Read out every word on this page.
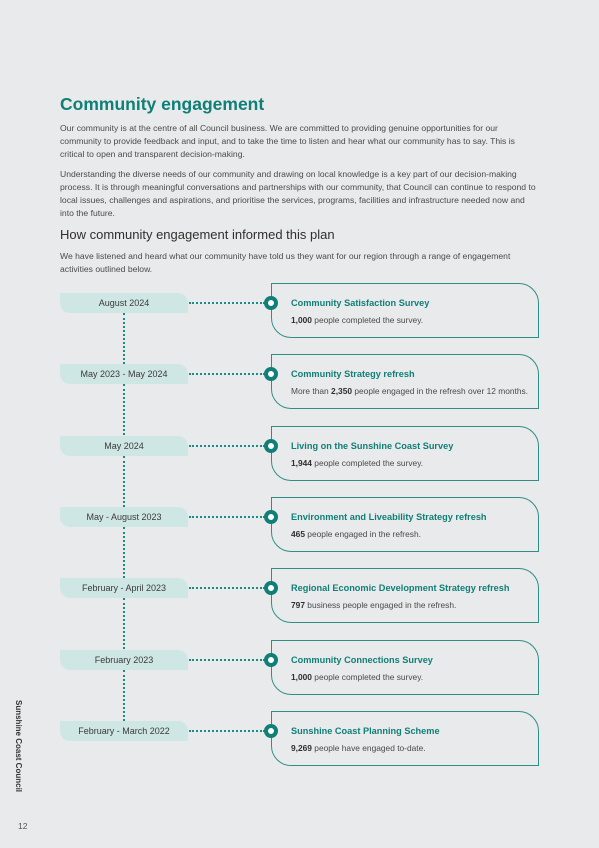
Community engagement

Our community is at the centre of all Council business. We are committed to providing genuine opportunities for our community to provide feedback and input, and to take the time to listen and hear what our community has to say. This is critical to open and transparent decision-making.

Understanding the diverse needs of our community and drawing on local knowledge is a key part of our decision-making process. It is through meaningful conversations and partnerships with our community, that Council can continue to respond to local issues, challenges and aspirations, and prioritise the services, programs, facilities and infrastructure needed now and into the future.

How community engagement informed this plan

We have listened and heard what our community have told us they want for our region through a range of engagement activities outlined below.

August 2024	Community Satisfaction Survey
1,000 people completed the survey.
May 2023 - May 2024	Community Strategy refresh
More than 2,350 people engaged in the refresh over 12 months.
May 2024	Living on the Sunshine Coast Survey
1,944 people completed the survey.
May - August 2023	Environment and Liveability Strategy refresh
465 people engaged in the refresh.
February - April 2023	Regional Economic Development Strategy refresh
797 business people engaged in the refresh.
February 2023	Community Connections Survey
1,000 people completed the survey.
February - March 2022	Sunshine Coast Planning Scheme
9,269 people have engaged to-date.
Sunshine Coast Council
12
